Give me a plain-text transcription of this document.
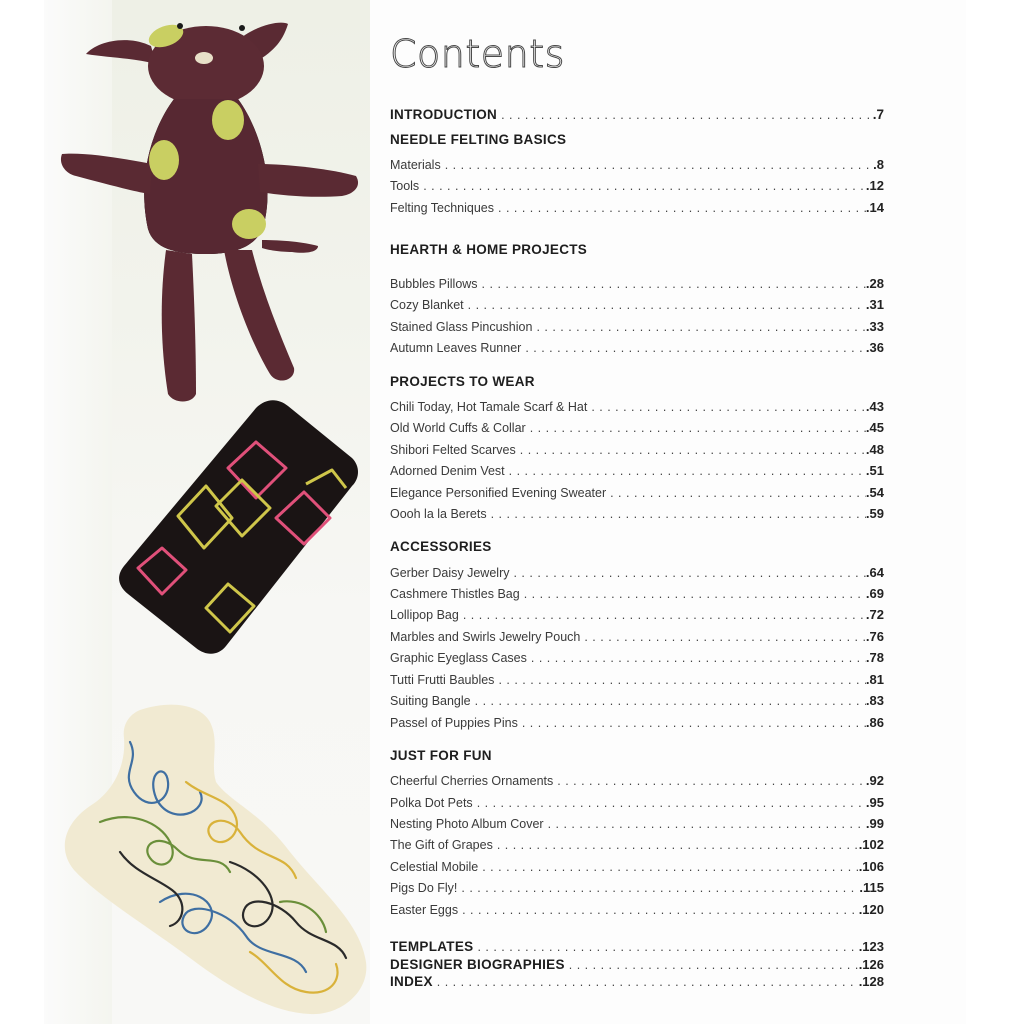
Contents
INTRODUCTION . . .	.7
NEEDLE FELTING BASICS
Materials . . .	.8
Tools . . .	.12
Felting Techniques . . .	.14
HEARTH & HOME PROJECTS
Bubbles Pillows . . .	.28
Cozy Blanket . . .	.31
Stained Glass Pincushion . . .	.33
Autumn Leaves Runner . . .	.36
PROJECTS TO WEAR
Chili Today, Hot Tamale Scarf & Hat . . .	.43
Old World Cuffs & Collar . . .	.45
Shibori Felted Scarves . . .	.48
Adorned Denim Vest . . .	.51
Elegance Personified Evening Sweater . . .	.54
Oooh la la Berets . . .	.59
ACCESSORIES
Gerber Daisy Jewelry . . .	.64
Cashmere Thistles Bag . . .	.69
Lollipop Bag . . .	.72
Marbles and Swirls Jewelry Pouch . . .	.76
Graphic Eyeglass Cases . . .	.78
Tutti Frutti Baubles . . .	.81
Suiting Bangle . . .	.83
Passel of Puppies Pins . . .	.86
JUST FOR FUN
Cheerful Cherries Ornaments . . .	.92
Polka Dot Pets . . .	.95
Nesting Photo Album Cover . . .	.99
The Gift of Grapes . . .	.102
Celestial Mobile . . .	.106
Pigs Do Fly! . . .	.115
Easter Eggs . . .	.120
TEMPLATES . . .	.123
DESIGNER BIOGRAPHIES . . .	.126
INDEX . . .	.128
